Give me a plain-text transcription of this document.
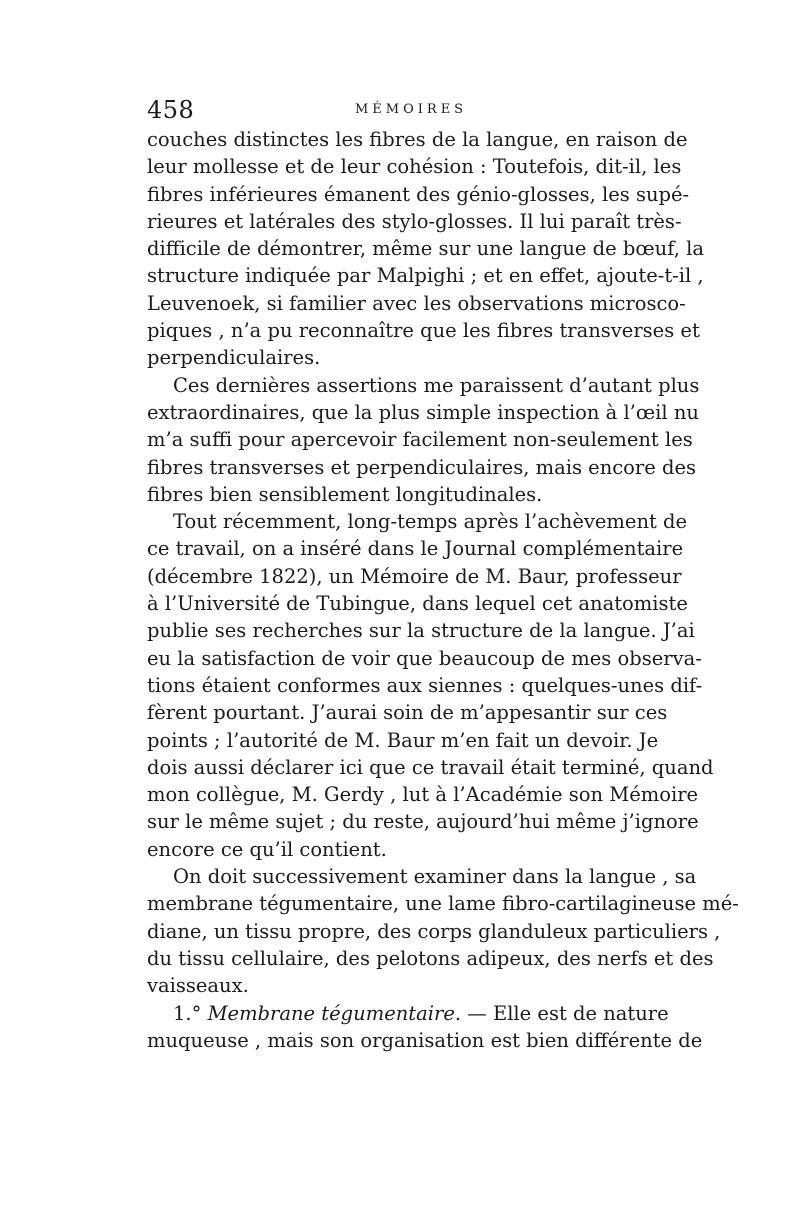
458	MÉMOIRES
couches distinctes les fibres de la langue, en raison de
leur mollesse et de leur cohésion : Toutefois, dit-il, les
fibres inférieures émanent des génio-glosses, les supé-
rieures et latérales des stylo-glosses. Il lui paraît très-
difficile de démontrer, même sur une langue de bœuf, la
structure indiquée par Malpighi ; et en effet, ajoute-t-il ,
Leuvenoek, si familier avec les observations microsco-
piques , n’a pu reconnaître que les fibres transverses et
perpendiculaires.
Ces dernières assertions me paraissent d’autant plus
extraordinaires, que la plus simple inspection à l’œil nu
m’a suffi pour apercevoir facilement non-seulement les
fibres transverses et perpendiculaires, mais encore des
fibres bien sensiblement longitudinales.
Tout récemment, long-temps après l’achèvement de
ce travail, on a inséré dans le Journal complémentaire
(décembre 1822), un Mémoire de M. Baur, professeur
à l’Université de Tubingue, dans lequel cet anatomiste
publie ses recherches sur la structure de la langue. J’ai
eu la satisfaction de voir que beaucoup de mes observa-
tions étaient conformes aux siennes : quelques-unes dif-
fèrent pourtant. J’aurai soin de m’appesantir sur ces
points ; l’autorité de M. Baur m’en fait un devoir. Je
dois aussi déclarer ici que ce travail était terminé, quand
mon collègue, M. Gerdy , lut à l’Académie son Mémoire
sur le même sujet ; du reste, aujourd’hui même j’ignore
encore ce qu’il contient.
On doit successivement examiner dans la langue , sa
membrane tégumentaire, une lame fibro-cartilagineuse mé-
diane, un tissu propre, des corps glanduleux particuliers ,
du tissu cellulaire, des pelotons adipeux, des nerfs et des
vaisseaux.
1.° Membrane tégumentaire. — Elle est de nature
muqueuse , mais son organisation est bien différente de
